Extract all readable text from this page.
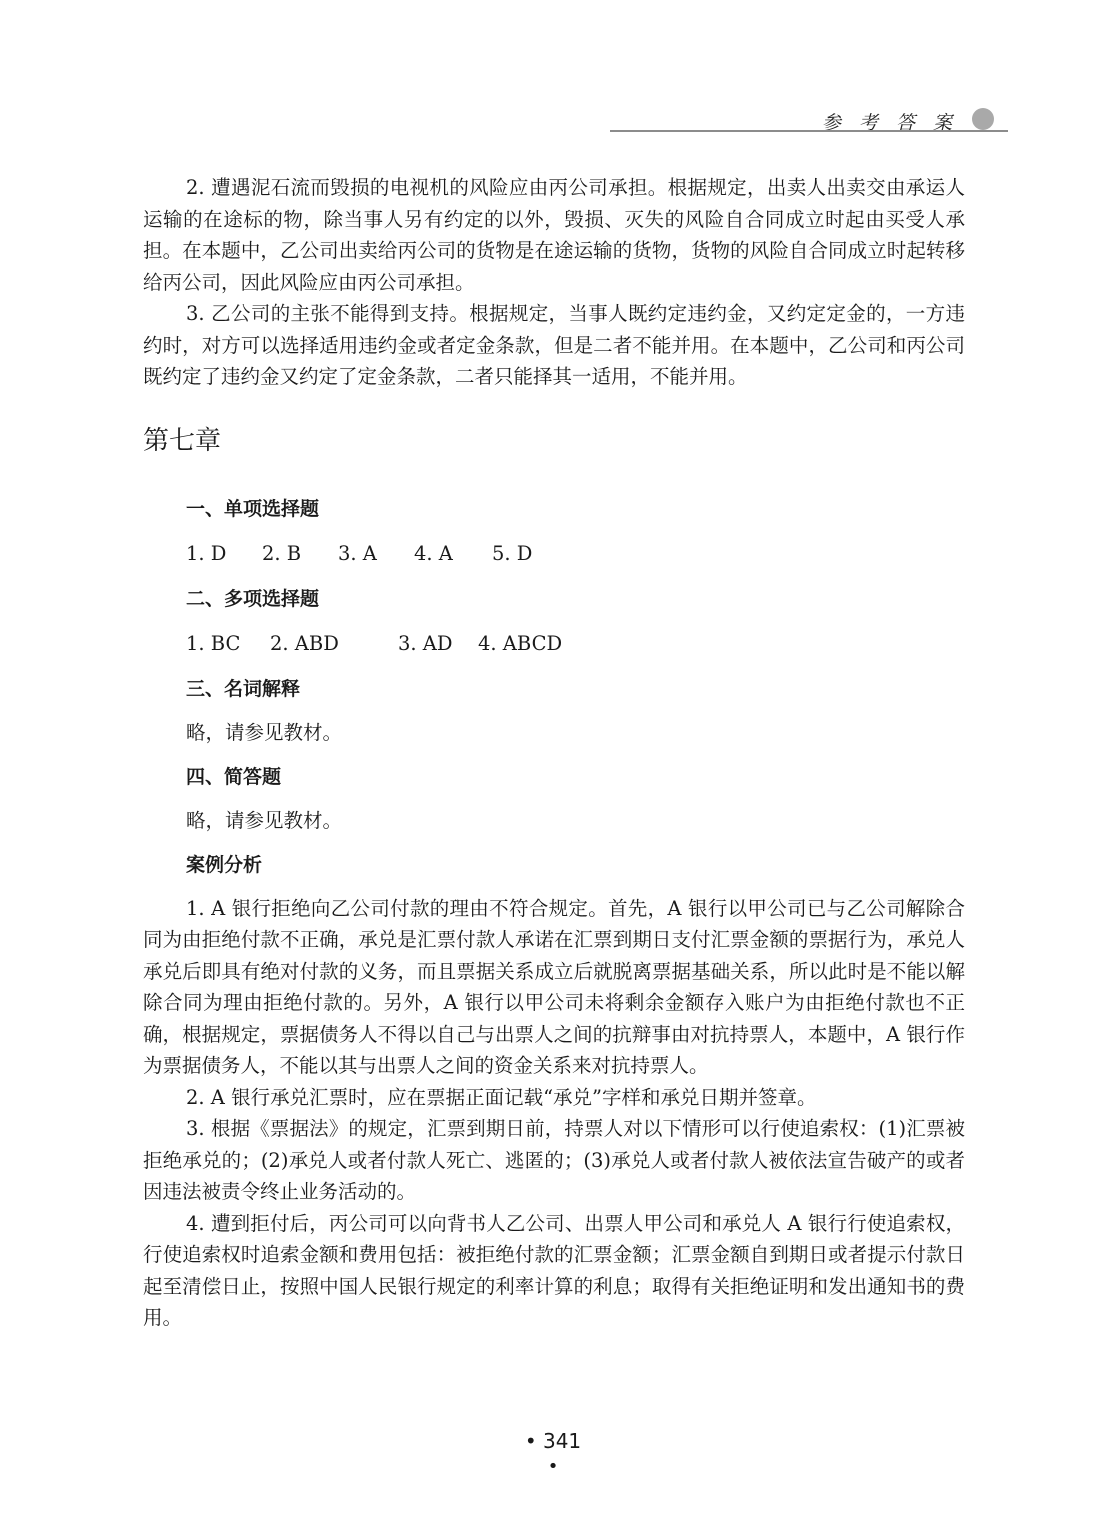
参 考 答 案

2. 遭遇泥石流而毁损的电视机的风险应由丙公司承担。根据规定，出卖人出卖交由承运人运输的在途标的物，除当事人另有约定的以外，毁损、灭失的风险自合同成立时起由买受人承担。在本题中，乙公司出卖给丙公司的货物是在途运输的货物，货物的风险自合同成立时起转移给丙公司，因此风险应由丙公司承担。

3. 乙公司的主张不能得到支持。根据规定，当事人既约定违约金，又约定定金的，一方违约时，对方可以选择适用违约金或者定金条款，但是二者不能并用。在本题中，乙公司和丙公司既约定了违约金又约定了定金条款，二者只能择其一适用，不能并用。

第七章

一、单项选择题

1. D 2. B 3. A 4. A 5. D

二、多项选择题

1. BC 2. ABD	3. AD 4. ABCD

三、名词解释

略，请参见教材。

四、简答题

略，请参见教材。

案例分析

1. A 银行拒绝向乙公司付款的理由不符合规定。首先，A 银行以甲公司已与乙公司解除合同为由拒绝付款不正确，承兑是汇票付款人承诺在汇票到期日支付汇票金额的票据行为，承兑人承兑后即具有绝对付款的义务，而且票据关系成立后就脱离票据基础关系，所以此时是不能以解除合同为理由拒绝付款的。另外，A 银行以甲公司未将剩余金额存入账户为由拒绝付款也不正确，根据规定，票据债务人不得以自己与出票人之间的抗辩事由对抗持票人，本题中，A 银行作为票据债务人，不能以其与出票人之间的资金关系来对抗持票人。

2. A 银行承兑汇票时，应在票据正面记载“承兑”字样和承兑日期并签章。

3. 根据《票据法》的规定，汇票到期日前，持票人对以下情形可以行使追索权：(1)汇票被拒绝承兑的；(2)承兑人或者付款人死亡、逃匿的；(3)承兑人或者付款人被依法宣告破产的或者因违法被责令终止业务活动的。

4. 遭到拒付后，丙公司可以向背书人乙公司、出票人甲公司和承兑人 A 银行行使追索权，行使追索权时追索金额和费用包括：被拒绝付款的汇票金额；汇票金额自到期日或者提示付款日起至清偿日止，按照中国人民银行规定的利率计算的利息；取得有关拒绝证明和发出通知书的费用。

• 341
•
